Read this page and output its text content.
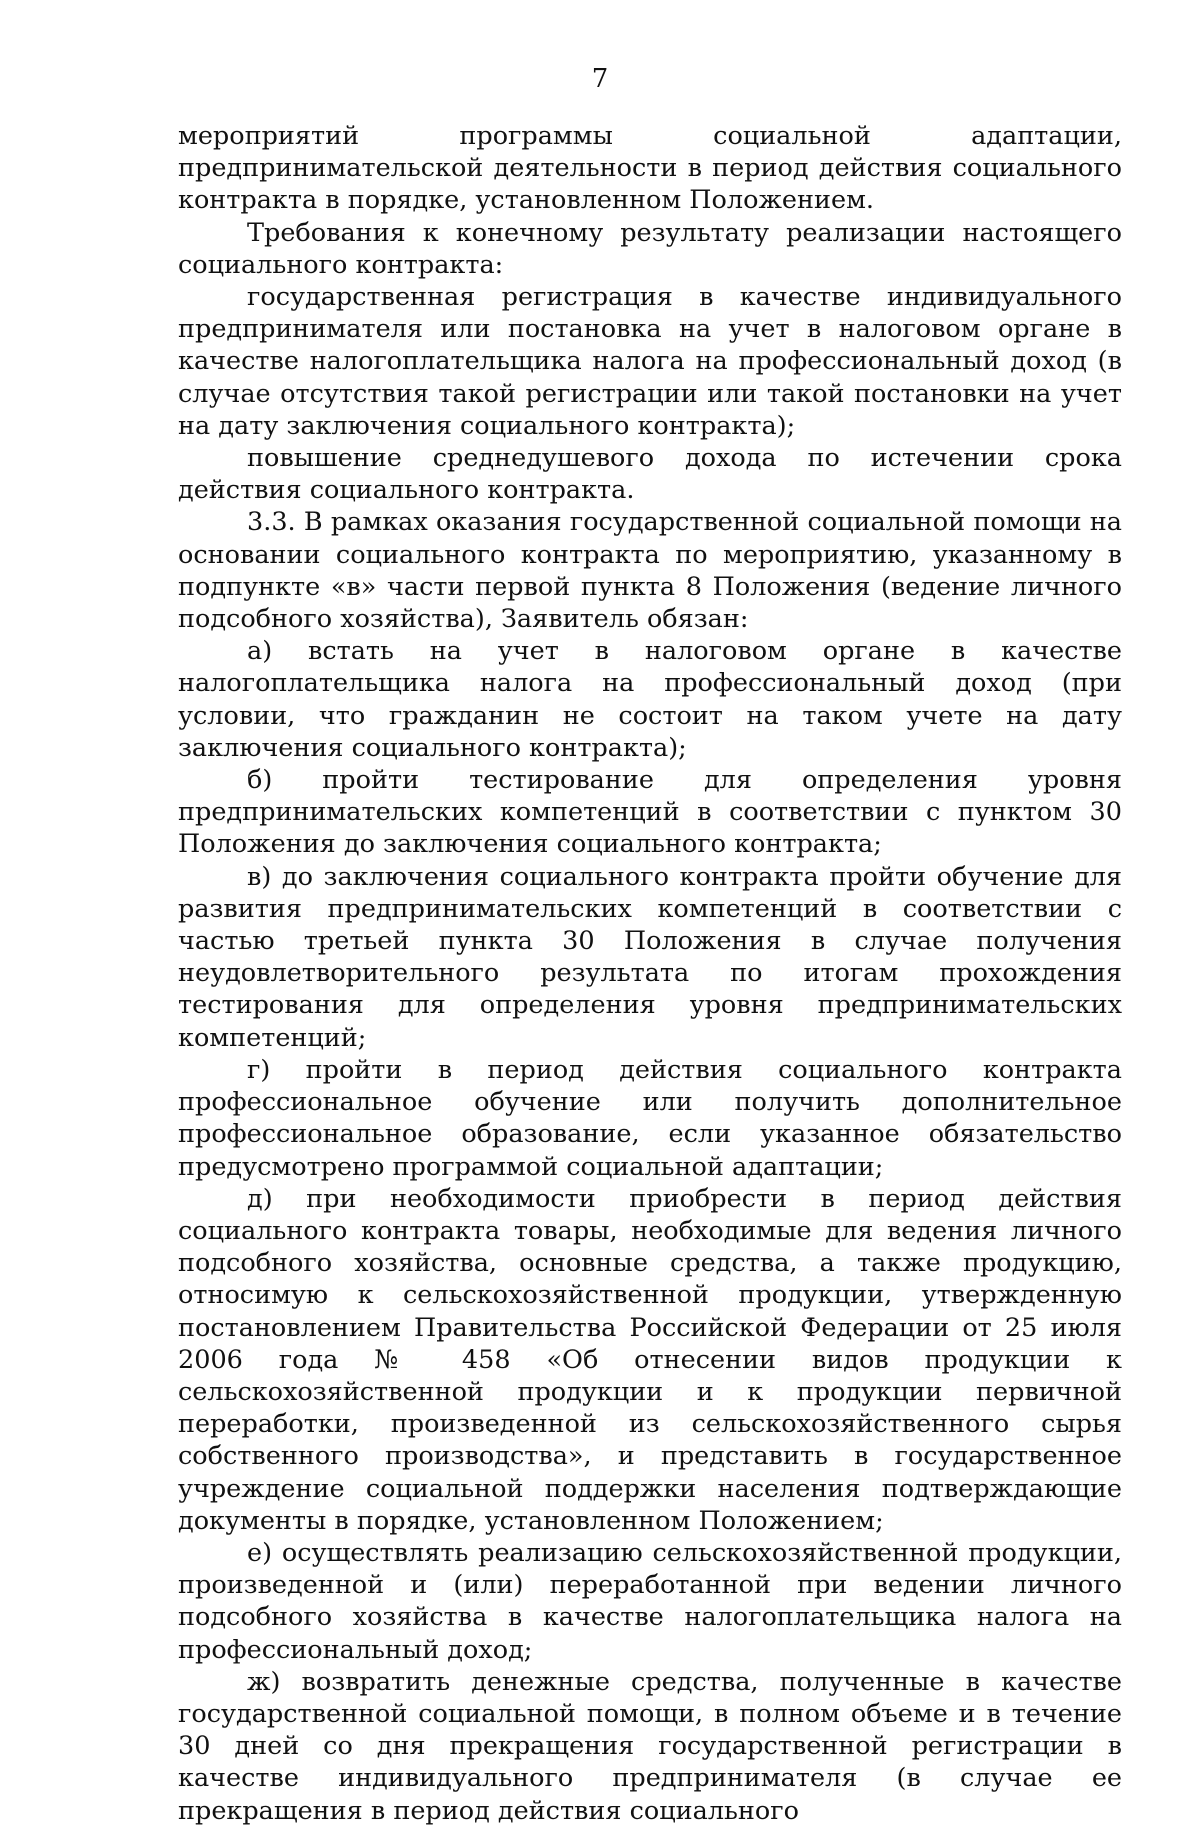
7

мероприятий программы социальной адаптации, предпринимательской деятельности в период действия социального контракта в порядке, установленном Положением.

Требования к конечному результату реализации настоящего социального контракта:

государственная регистрация в качестве индивидуального предпринимателя или постановка на учет в налоговом органе в качестве налогоплательщика налога на профессиональный доход (в случае отсутствия такой регистрации или такой постановки на учет на дату заключения социального контракта);

повышение среднедушевого дохода по истечении срока действия социального контракта.

3.3. В рамках оказания государственной социальной помощи на основании социального контракта по мероприятию, указанному в подпункте «в» части первой пункта 8 Положения (ведение личного подсобного хозяйства), Заявитель обязан:

а) встать на учет в налоговом органе в качестве налогоплательщика налога на профессиональный доход (при условии, что гражданин не состоит на таком учете на дату заключения социального контракта);

б) пройти тестирование для определения уровня предпринимательских компетенций в соответствии с пунктом 30 Положения до заключения социального контракта;

в) до заключения социального контракта пройти обучение для развития предпринимательских компетенций в соответствии с частью третьей пункта 30 Положения в случае получения неудовлетворительного результата по итогам прохождения тестирования для определения уровня предпринимательских компетенций;

г) пройти в период действия социального контракта профессиональное обучение или получить дополнительное профессиональное образование, если указанное обязательство предусмотрено программой социальной адаптации;

д) при необходимости приобрести в период действия социального контракта товары, необходимые для ведения личного подсобного хозяйства, основные средства, а также продукцию, относимую к сельскохозяйственной продукции, утвержденную постановлением Правительства Российской Федерации от 25 июля 2006 года № 458 «Об отнесении видов продукции к сельскохозяйственной продукции и к продукции первичной переработки, произведенной из сельскохозяйственного сырья собственного производства», и представить в государственное учреждение социальной поддержки населения подтверждающие документы в порядке, установленном Положением;

е) осуществлять реализацию сельскохозяйственной продукции, произведенной и (или) переработанной при ведении личного подсобного хозяйства в качестве налогоплательщика налога на профессиональный доход;

ж) возвратить денежные средства, полученные в качестве государственной социальной помощи, в полном объеме и в течение 30 дней со дня прекращения государственной регистрации в качестве индивидуального предпринимателя (в случае ее прекращения в период действия социального
